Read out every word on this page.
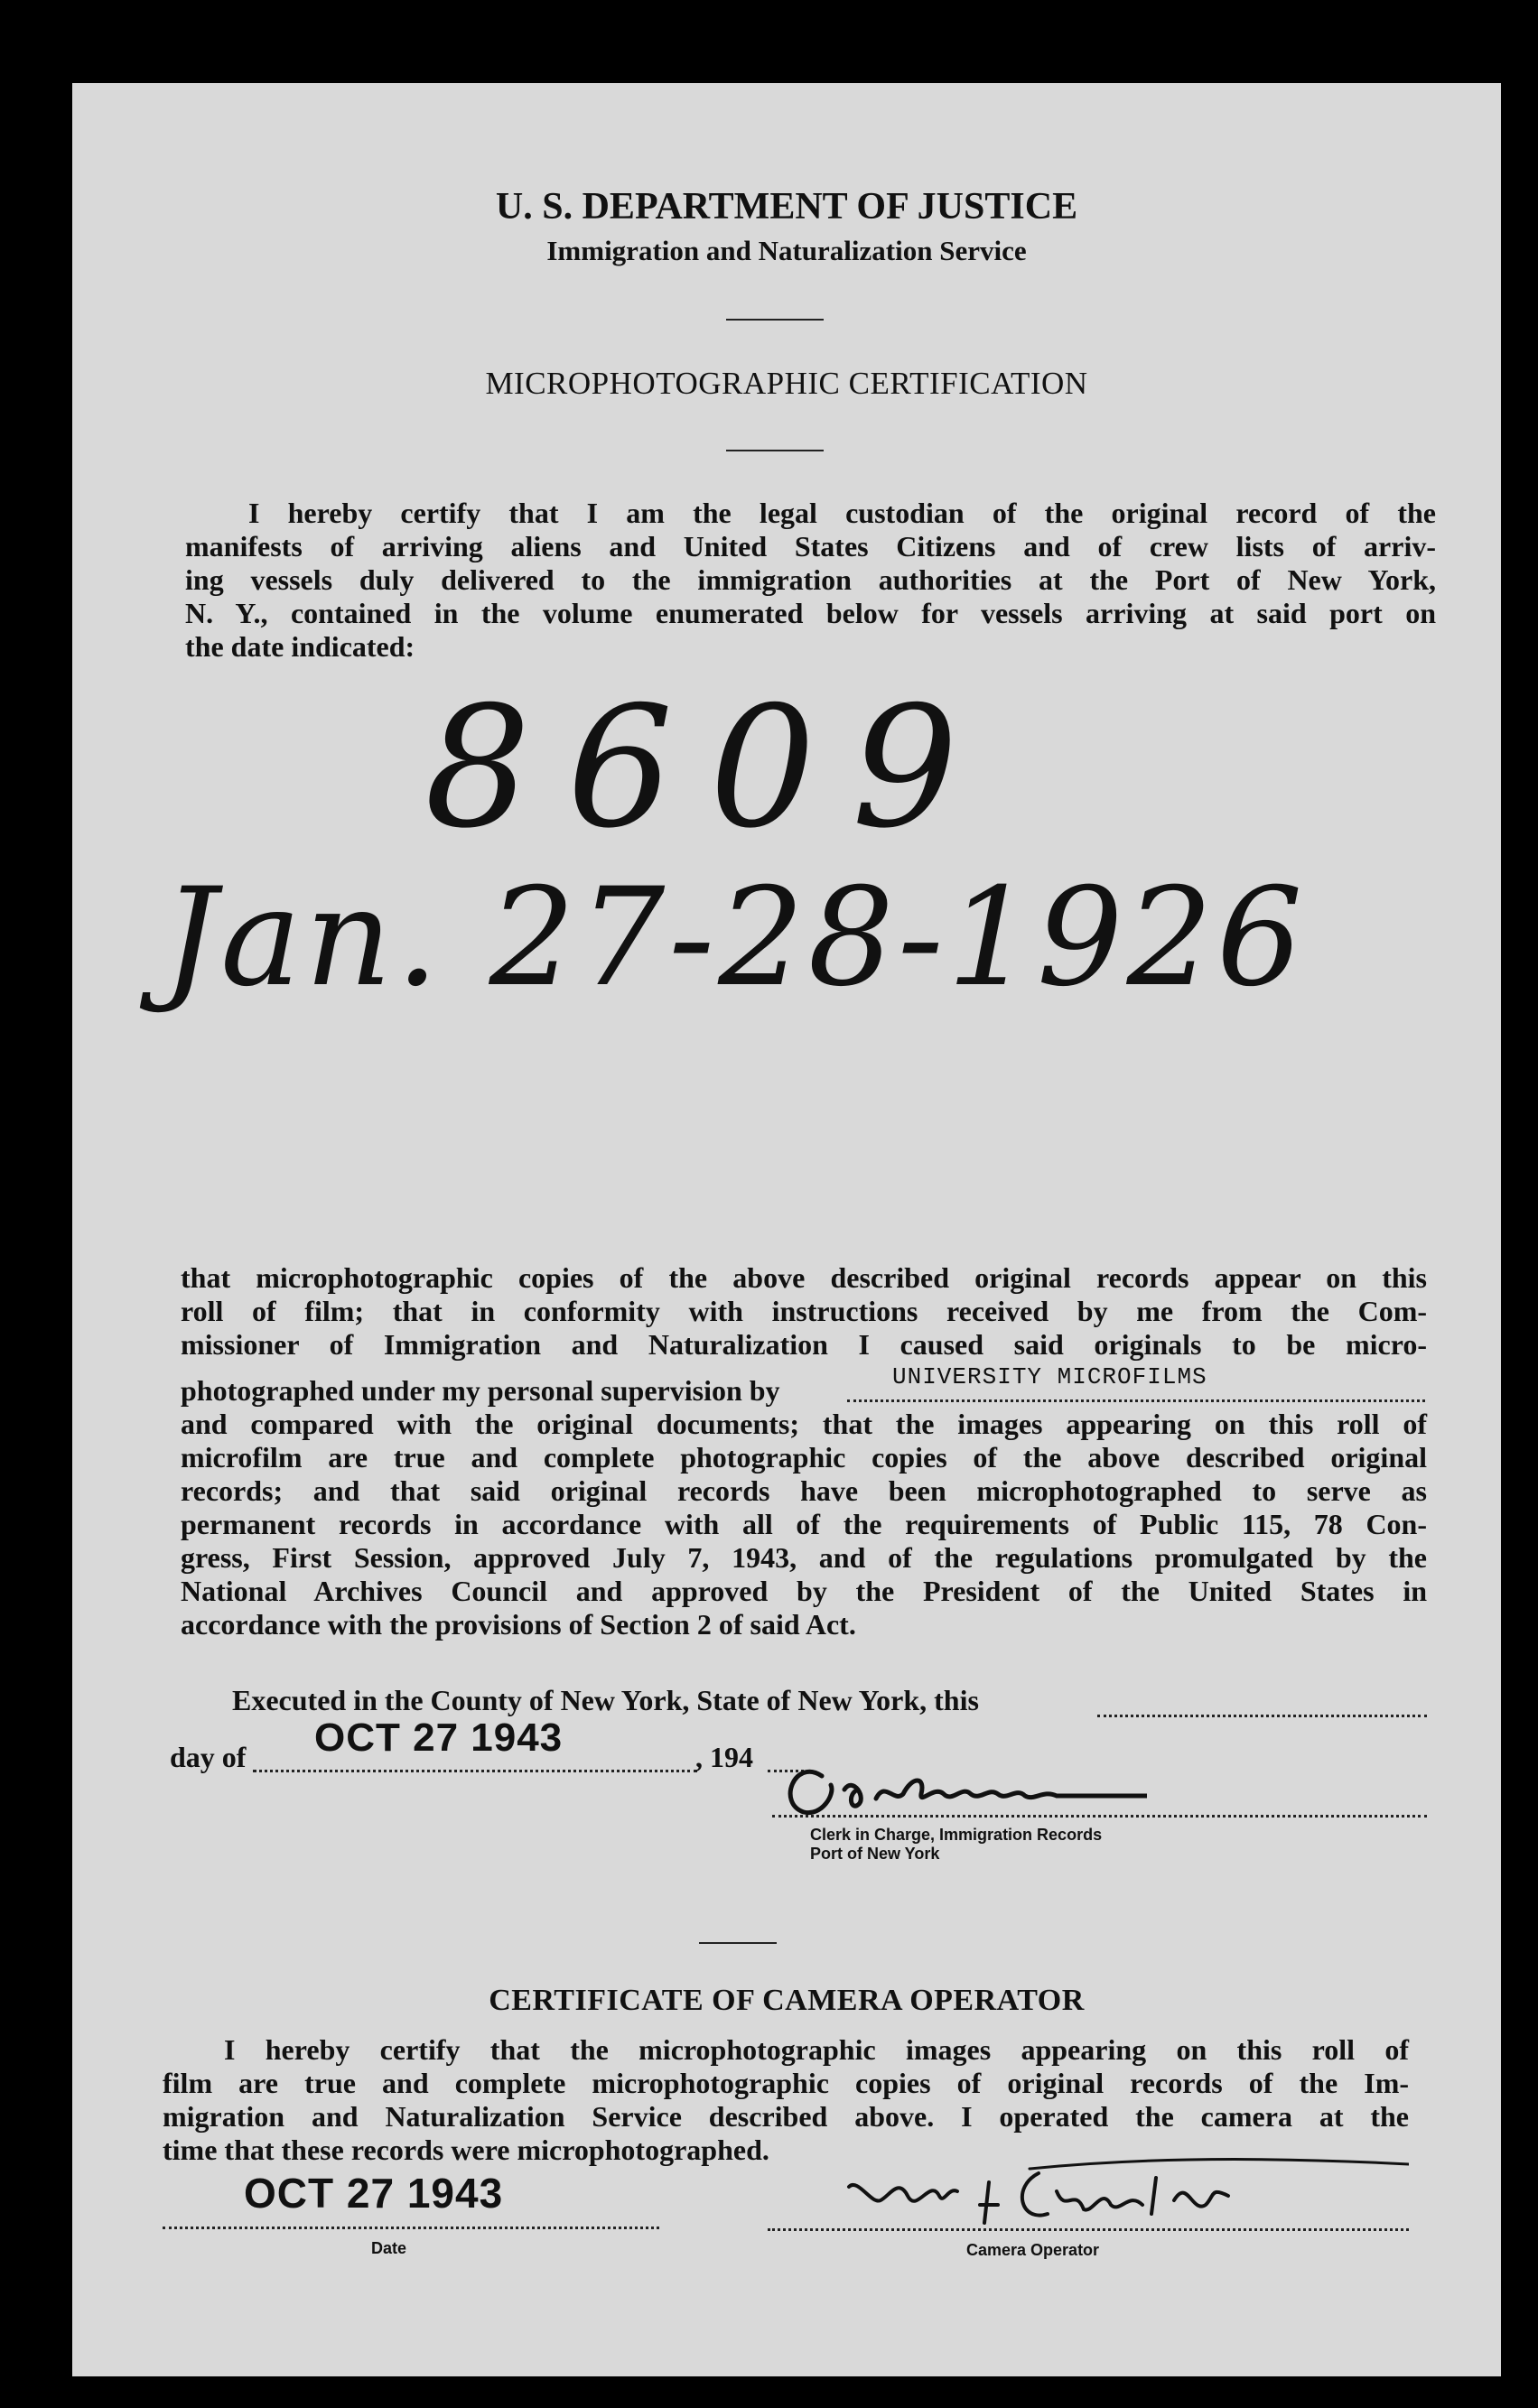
U. S. DEPARTMENT OF JUSTICE
Immigration and Naturalization Service
MICROPHOTOGRAPHIC CERTIFICATION
I hereby certify that I am the legal custodian of the original record of the
manifests of arriving aliens and United States Citizens and of crew lists of arriv-
ing vessels duly delivered to the immigration authorities at the Port of New York,
N. Y., contained in the volume enumerated below for vessels arriving at said port on
the date indicated:
8609
Jan. 27-28-1926
that microphotographic copies of the above described original records appear on this
roll of film; that in conformity with instructions received by me from the Com-
missioner of Immigration and Naturalization I caused said originals to be micro-
photographed under my personal supervision by	UNIVERSITY MICROFILMS
and compared with the original documents; that the images appearing on this roll of
microfilm are true and complete photographic copies of the above described original
records; and that said original records have been microphotographed to serve as
permanent records in accordance with all of the requirements of Public 115, 78 Con-
gress, First Session, approved July 7, 1943, and of the regulations promulgated by the
National Archives Council and approved by the President of the United States in
accordance with the provisions of Section 2 of said Act.
Executed in the County of New York, State of New York, this
day of OCT 27 1943	, 194
Clerk in Charge, Immigration Records
Port of New York
CERTIFICATE OF CAMERA OPERATOR
I hereby certify that the microphotographic images appearing on this roll of
film are true and complete microphotographic copies of original records of the Im-
migration and Naturalization Service described above. I operated the camera at the
time that these records were microphotographed.
OCT 27 1943
Date	Camera Operator
